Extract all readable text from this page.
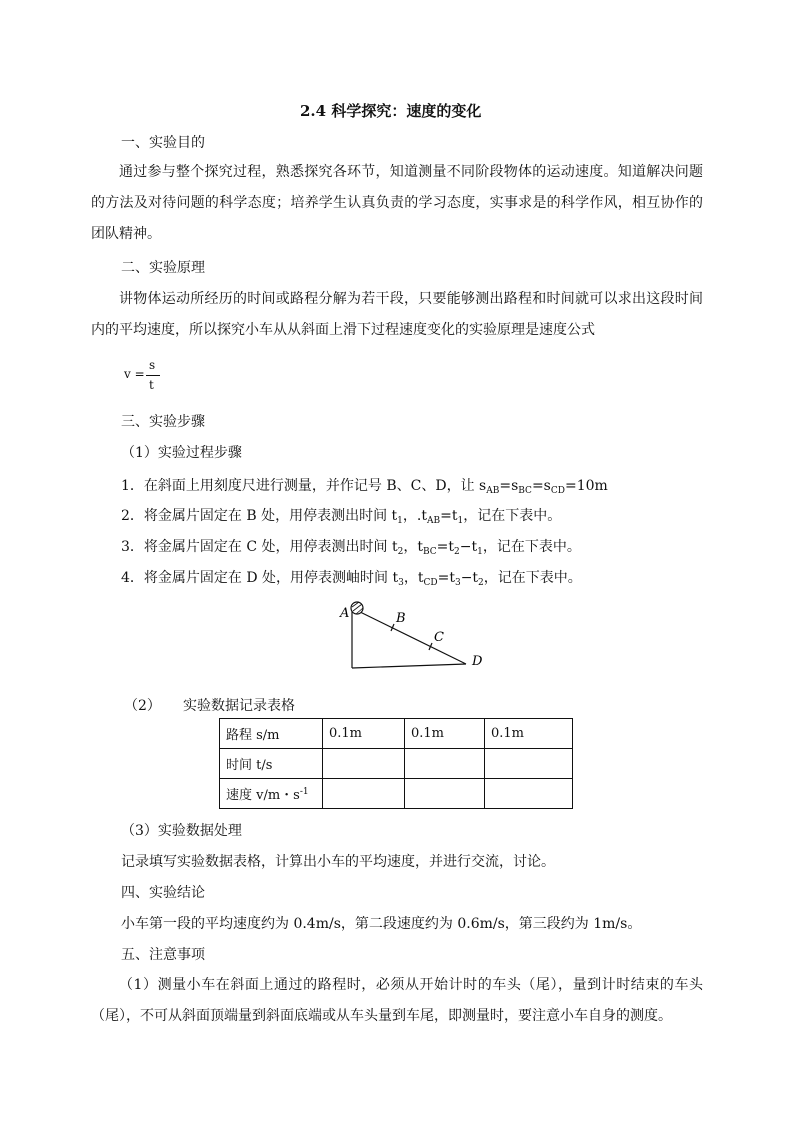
2.4 科学探究：速度的变化
一、实验目的

通过参与整个探究过程，熟悉探究各环节，知道测量不同阶段物体的运动速度。知道解决问题的方法及对待问题的科学态度；培养学生认真负责的学习态度，实事求是的科学作风，相互协作的团队精神。

二、实验原理

讲物体运动所经历的时间或路程分解为若干段，只要能够测出路程和时间就可以求出这段时间内的平均速度，所以探究小车从从斜面上滑下过程速度变化的实验原理是速度公式

v =
s
t
三、实验步骤
（1）实验过程步骤
1．在斜面上用刻度尺进行测量，并作记号 B、C、D，让 $s_{AB}=s_{BC}=s_{CD}=10m$
2．将金属片固定在 B 处，用停表测出时间 $t_1$，$.t_{AB}=t_1$，记在下表中。
3．将金属片固定在 C 处，用停表测出时间 $t_2$，$t_{BC}=t_2-t_1$，记在下表中。
4．将金属片固定在 D 处，用停表测岫时间 $t_3$，$t_{CD}=t_3-t_2$，记在下表中。
A	B
C
D
（2） 实验数据记录表格
路程 s/m	0.1m	0.1m	0.1m
时间 t/s			
速度 v/m・$s^{-1}$			
（3）实验数据处理
记录填写实验数据表格，计算出小车的平均速度，并进行交流，讨论。
四、实验结论
小车第一段的平均速度约为 0.4m/s，第二段速度约为 0.6m/s，第三段约为 1m/s。
五、注意事项

（1）测量小车在斜面上通过的路程时，必须从开始计时的车头（尾），量到计时结束的车头（尾），不可从斜面顶端量到斜面底端或从车头量到车尾，即测量时，要注意小车自身的测度。
